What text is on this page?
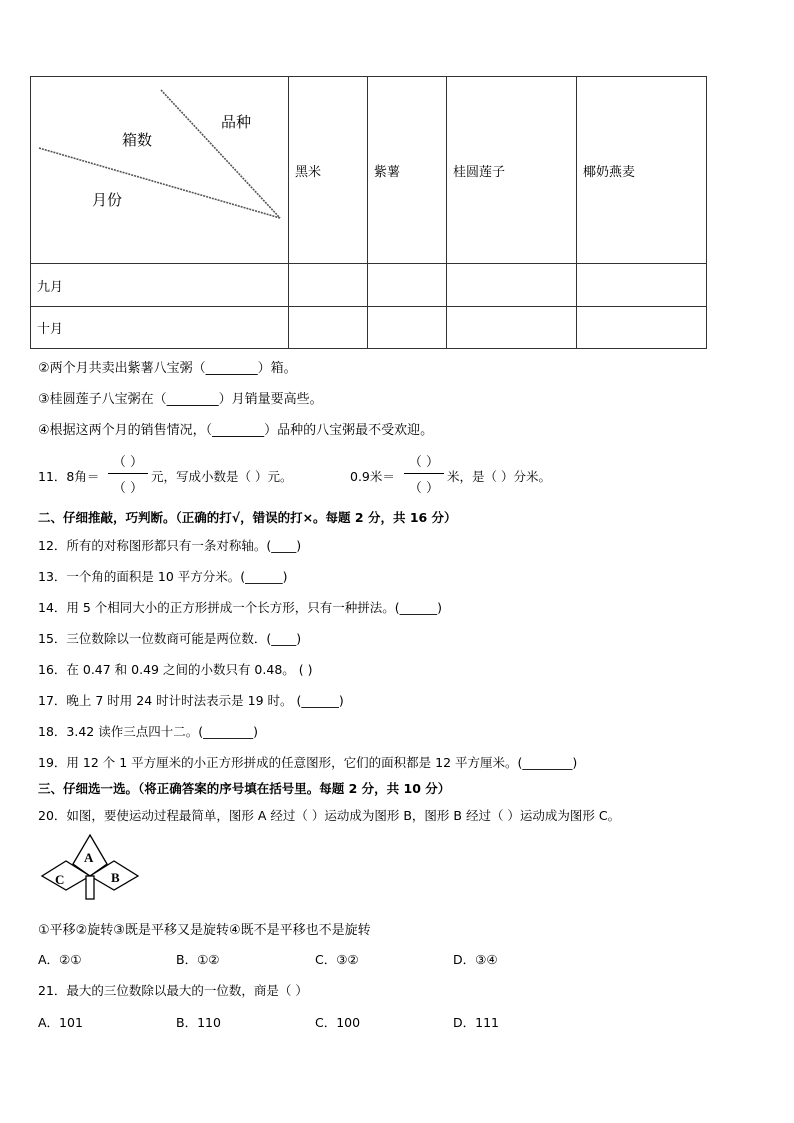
品种
箱数
月份	黑米	紫薯	桂圆莲子	椰奶燕麦
九月				
十月				
②两个月共卖出紫薯八宝粥（________）箱。
③桂圆莲子八宝粥在（________）月销量要高些。
④根据这两个月的销售情况，（________）品种的八宝粥最不受欢迎。
11．8角＝
（ ）
（ ）
元，写成小数是（ ）元。	0.9米＝
（ ）
（ ）
米，是（ ）分米。
二、仔细推敲，巧判断。（正确的打√，错误的打×。每题 2 分，共 16 分）
12．所有的对称图形都只有一条对称轴。(____)
13．一个角的面积是 10 平方分米。(______)
14．用 5 个相同大小的正方形拼成一个长方形，只有一种拼法。(______)
15．三位数除以一位数商可能是两位数．(____)
16．在 0.47 和 0.49 之间的小数只有 0.48。 ( )
17．晚上 7 时用 24 时计时法表示是 19 时。 (______)
18．3.42 读作三点四十二。(________)
19．用 12 个 1 平方厘米的小正方形拼成的任意图形，它们的面积都是 12 平方厘米。(________)
三、仔细选一选。（将正确答案的序号填在括号里。每题 2 分，共 10 分）
20．如图，要使运动过程最简单，图形 A 经过（ ）运动成为图形 B，图形 B 经过（ ）运动成为图形 C。
A
B
C
①平移②旋转③既是平移又是旋转④既不是平移也不是旋转
A．②①	B．①②	C．③②	D．③④
21．最大的三位数除以最大的一位数，商是（ ）
A．101	B．110	C．100	D．111
